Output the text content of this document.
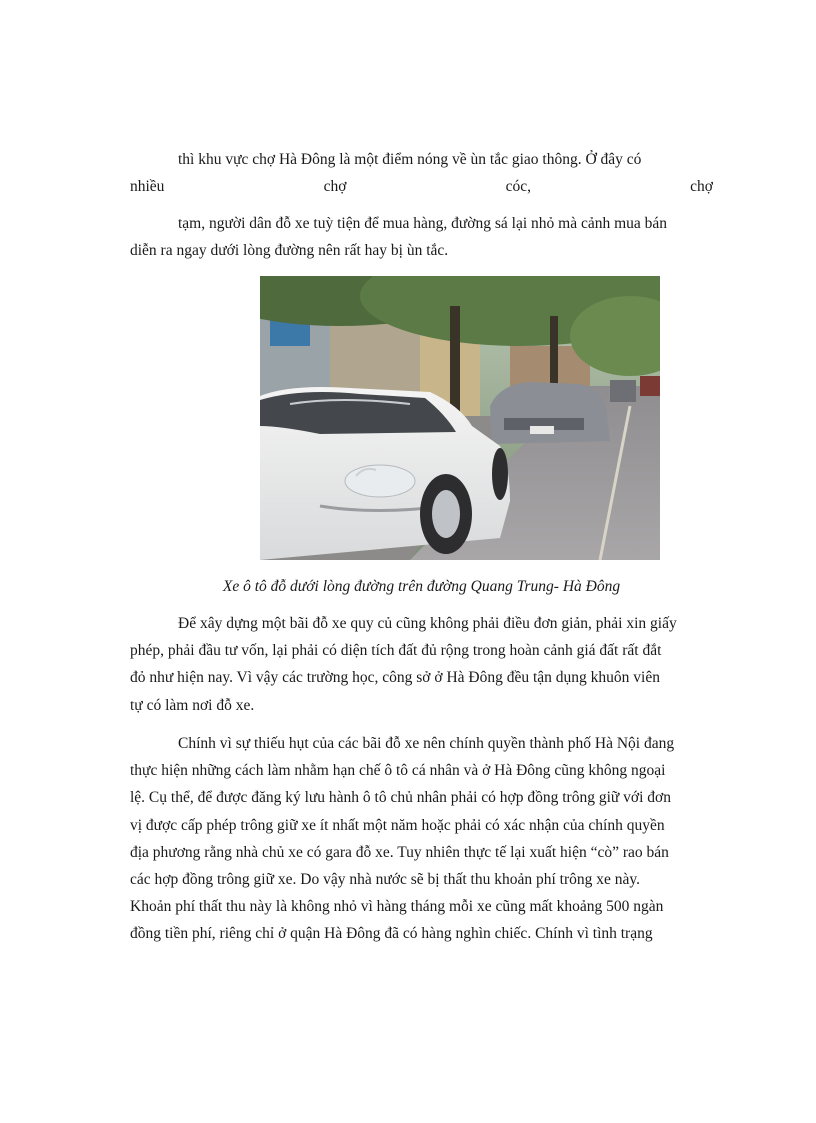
thì khu vực chợ Hà Đông là một điểm nóng về ùn tắc giao thông. Ở đây có
nhiều	chợ	cóc,	chợ
tạm, người dân đỗ xe tuỳ tiện để mua hàng, đường sá lại nhỏ mà cảnh mua bán
diễn ra ngay dưới lòng đường nên rất hay bị ùn tắc.
Xe ô tô đỗ dưới lòng đường trên đường Quang Trung- Hà Đông
Để xây dựng một bãi đỗ xe quy củ cũng không phải điều đơn giản, phải xin giấy
phép, phải đầu tư vốn, lại phải có diện tích đất đủ rộng trong hoàn cảnh giá đất rất đắt
đỏ như hiện nay. Vì vậy các trường học, công sở ở Hà Đông đều tận dụng khuôn viên
tự có làm nơi đỗ xe.
Chính vì sự thiếu hụt của các bãi đỗ xe nên chính quyền thành phố Hà Nội đang
thực hiện những cách làm nhằm hạn chế ô tô cá nhân và ở Hà Đông cũng không ngoại
lệ. Cụ thể, để được đăng ký lưu hành ô tô chủ nhân phải có hợp đồng trông giữ với đơn
vị được cấp phép trông giữ xe ít nhất một năm hoặc phải có xác nhận của chính quyền
địa phương rằng nhà chủ xe có gara đỗ xe. Tuy nhiên thực tế lại xuất hiện “cò” rao bán
các hợp đồng trông giữ xe. Do vậy nhà nước sẽ bị thất thu khoản phí trông xe này.
Khoản phí thất thu này là không nhỏ vì hàng tháng mỗi xe cũng mất khoảng 500 ngàn
đồng tiền phí, riêng chỉ ở quận Hà Đông đã có hàng nghìn chiếc. Chính vì tình trạng
